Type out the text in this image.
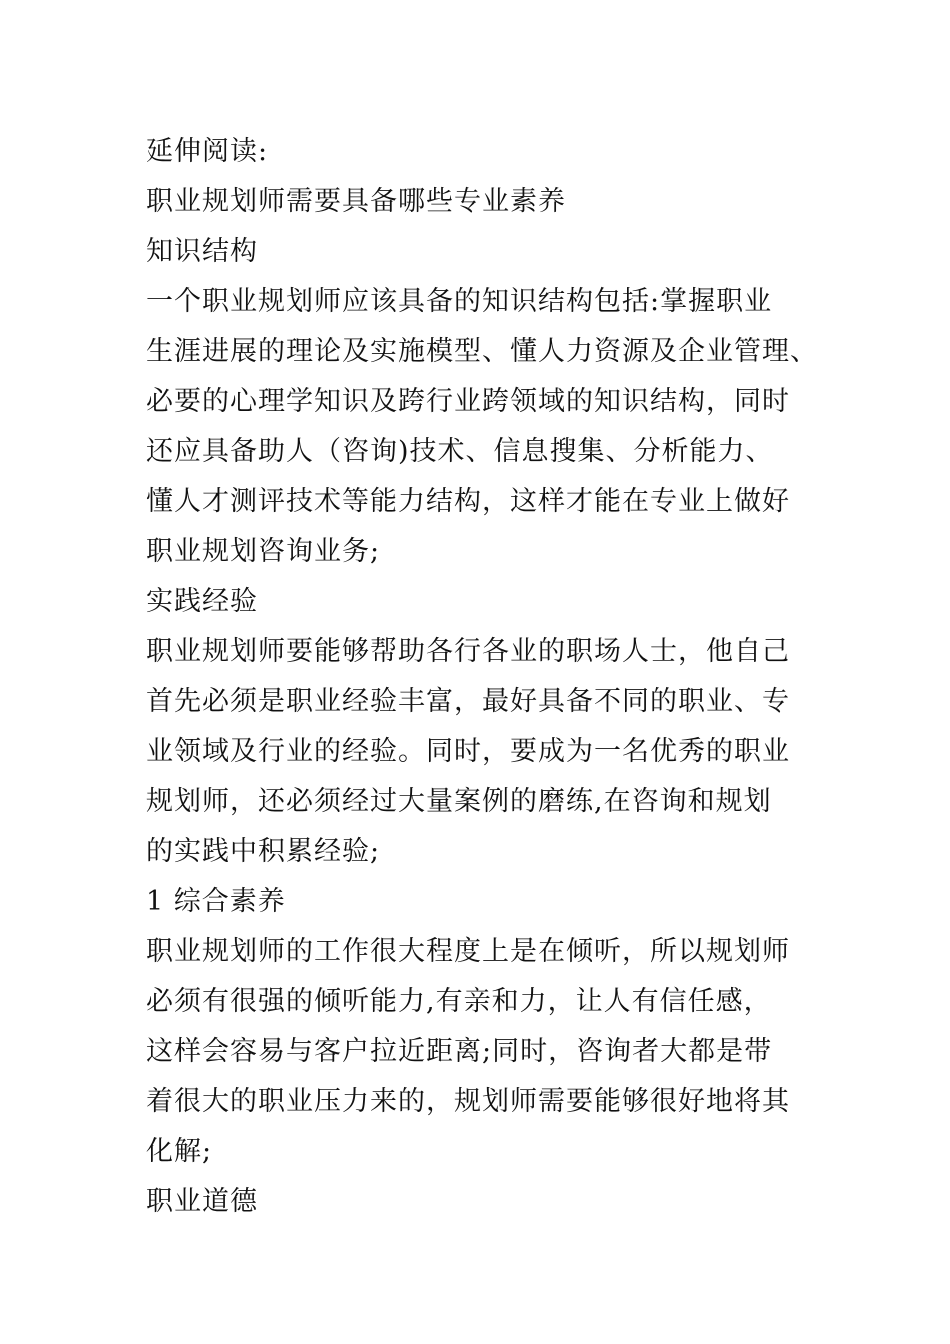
延伸阅读:

职业规划师需要具备哪些专业素养

知识结构

一个职业规划师应该具备的知识结构包括:掌握职业

生涯进展的理论及实施模型、懂人力资源及企业管理、

必要的心理学知识及跨行业跨领域的知识结构，同时

还应具备助人（咨询)技术、信息搜集、分析能力、

懂人才测评技术等能力结构，这样才能在专业上做好

职业规划咨询业务;

实践经验

职业规划师要能够帮助各行各业的职场人士，他自己

首先必须是职业经验丰富，最好具备不同的职业、专

业领域及行业的经验。同时，要成为一名优秀的职业

规划师，还必须经过大量案例的磨练,在咨询和规划

的实践中积累经验;

1 综合素养

职业规划师的工作很大程度上是在倾听，所以规划师

必须有很强的倾听能力,有亲和力，让人有信任感，

这样会容易与客户拉近距离;同时，咨询者大都是带

着很大的职业压力来的，规划师需要能够很好地将其

化解;

职业道德
